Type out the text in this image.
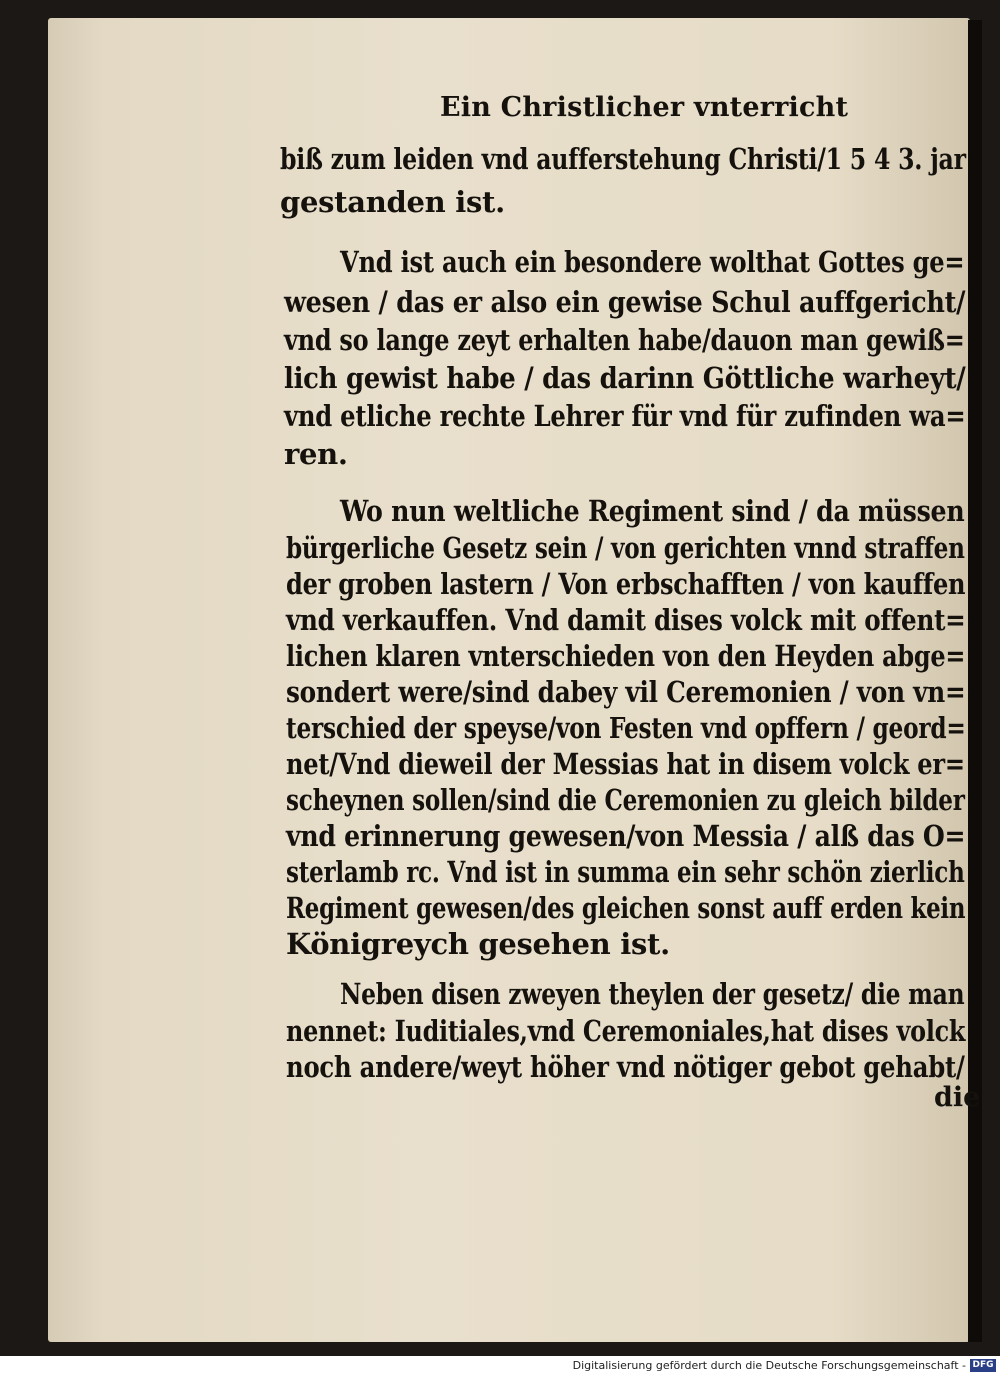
Ein Christlicher vnterricht
biß zum leiden vnd aufferstehung Christi/1 5 4 3. jar
gestanden ist.
Vnd ist auch ein besondere wolthat Gottes ge=
wesen / das er also ein gewise Schul auffgericht/
vnd so lange zeyt erhalten habe/dauon man gewiß=
lich gewist habe / das darinn Göttliche warheyt/
vnd etliche rechte Lehrer für vnd für zufinden wa=
ren.
Wo nun weltliche Regiment sind / da müssen
bürgerliche Gesetz sein / von gerichten vnnd straffen
der groben lastern / Von erbschafften / von kauffen
vnd verkauffen. Vnd damit dises volck mit offent=
lichen klaren vnterschieden von den Heyden abge=
sondert were/sind dabey vil Ceremonien / von vn=
terschied der speyse/von Festen vnd opffern / geord=
net/Vnd dieweil der Messias hat in disem volck er=
scheynen sollen/sind die Ceremonien zu gleich bilder
vnd erinnerung gewesen/von Messia / alß das O=
sterlamb rc. Vnd ist in summa ein sehr schön zierlich
Regiment gewesen/des gleichen sonst auff erden kein
Königreych gesehen ist.
Neben disen zweyen theylen der gesetz/ die man
nennet: Iuditiales,vnd Ceremoniales,hat dises volck
noch andere/weyt höher vnd nötiger gebot gehabt/
die
Digitalisierung gefördert durch die Deutsche Forschungsgemeinschaft - DFG
